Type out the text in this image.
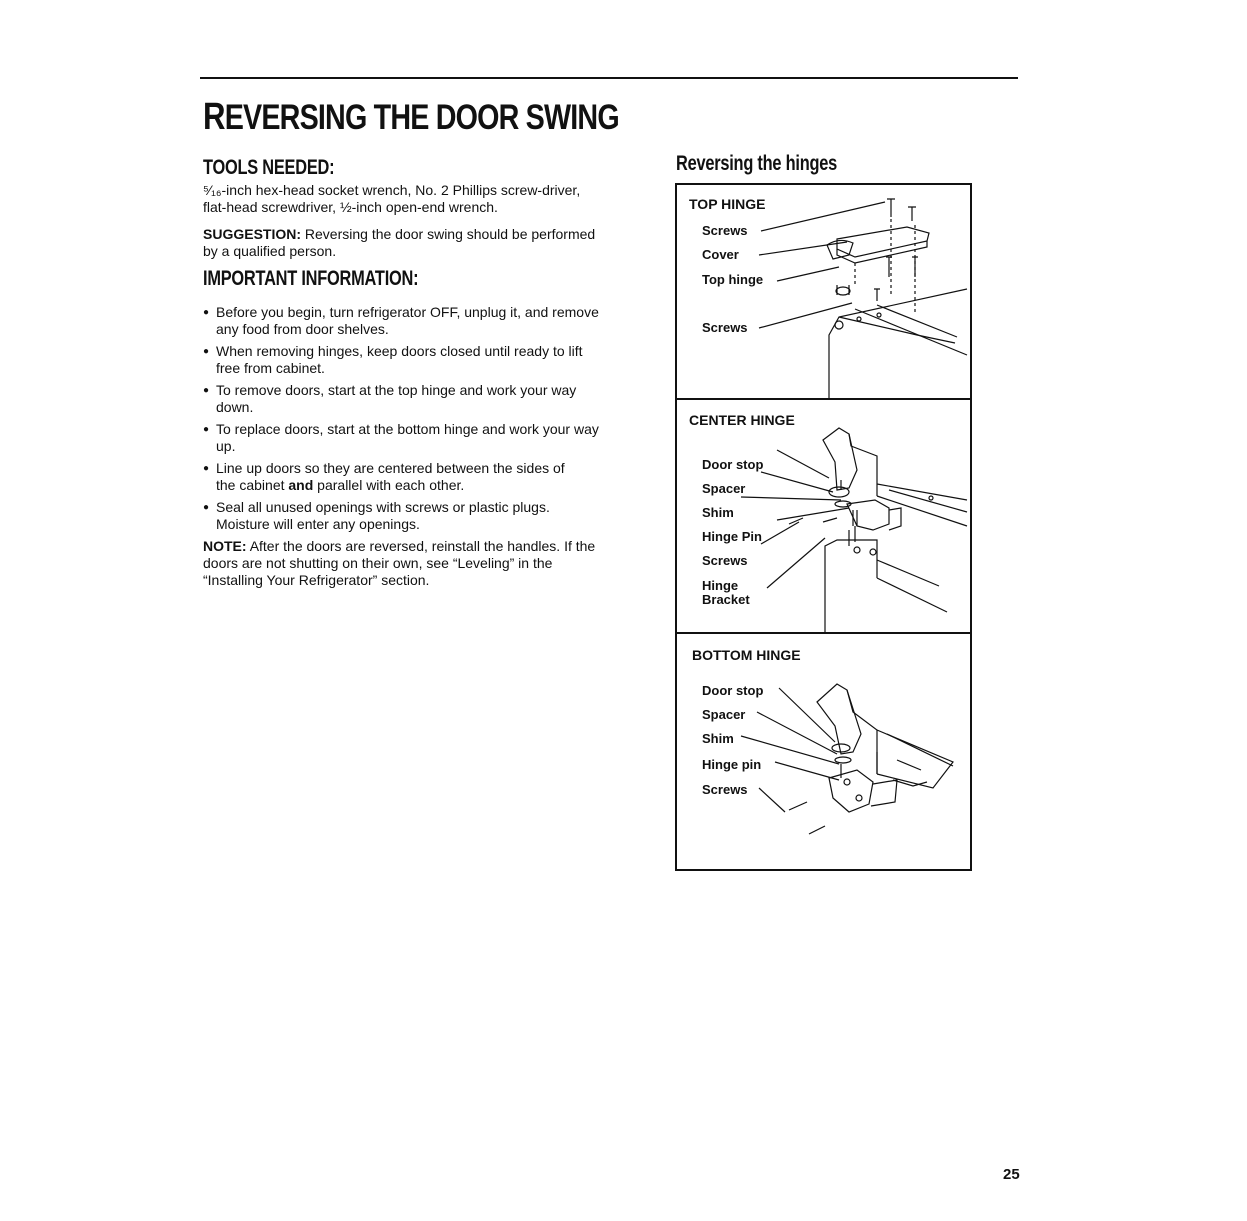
REVERSING THE DOOR SWING
TOOLS NEEDED:

⁵⁄₁₆-inch hex-head socket wrench, No. 2 Phillips screw-driver, flat-head screwdriver, ½-inch open-end wrench.

SUGGESTION: Reversing the door swing should be performed by a qualified person.

IMPORTANT INFORMATION:
● Before you begin, turn refrigerator OFF, unplug it, and remove any food from door shelves.
● When removing hinges, keep doors closed until ready to lift free from cabinet.
● To remove doors, start at the top hinge and work your way down.
● To replace doors, start at the bottom hinge and work your way up.
● Line up doors so they are centered between the sides of
the cabinet and parallel with each other.
● Seal all unused openings with screws or plastic plugs. Moisture will enter any openings.

NOTE: After the doors are reversed, reinstall the handles. If the doors are not shutting on their own, see “Leveling” in the “Installing Your Refrigerator” section.

Reversing the hinges
TOP HINGE
Screws
Cover
Top hinge
Screws
CENTER HINGE
Door stop
Spacer
Shim
Hinge Pin
Screws
Hinge
Bracket
BOTTOM HINGE
Door stop
Spacer
Shim
Hinge pin
Screws
25
